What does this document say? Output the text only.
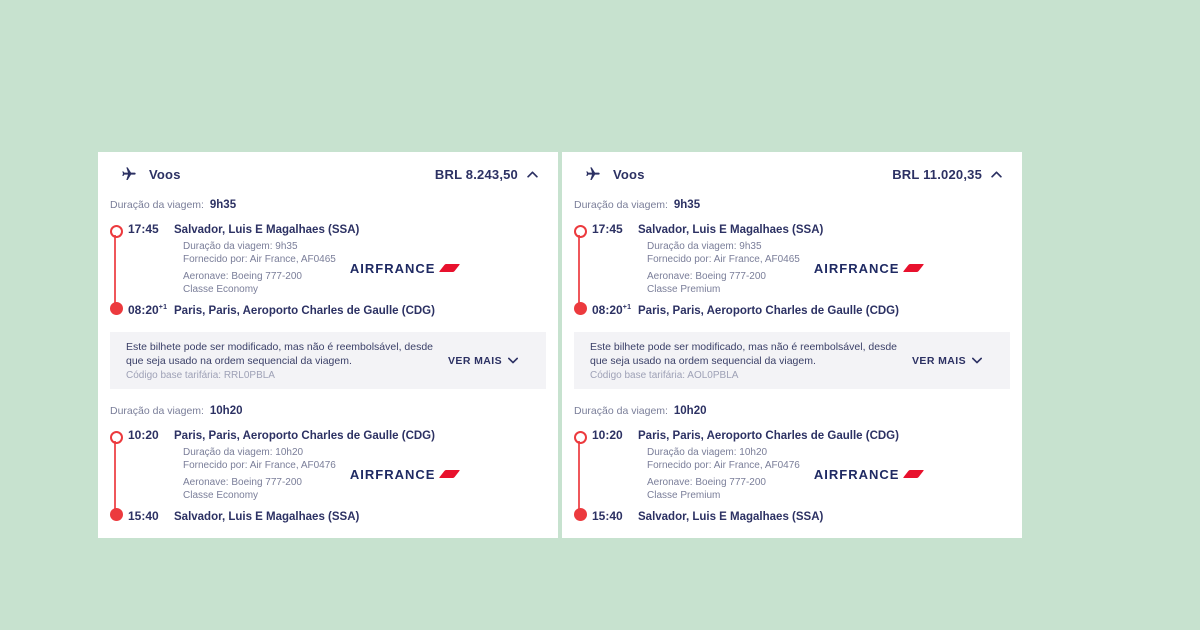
Voos	BRL 8.243,50
Duração da viagem: 9h35
17:45	Salvador, Luis E Magalhaes (SSA)
Duração da viagem: 9h35
Fornecido por: Air France, AF0465
Aeronave: Boeing 777-200
Classe Economy
AIRFRANCE
$08:20^{+1}$ Paris, Paris, Aeroporto Charles de Gaulle (CDG)
Este bilhete pode ser modificado, mas não é reembolsável, desde que seja usado na ordem sequencial da viagem.
Código base tarifária: RRL0PBLA
VER MAIS
Duração da viagem: 10h20
10:20	Paris, Paris, Aeroporto Charles de Gaulle (CDG)
Duração da viagem: 10h20
Fornecido por: Air France, AF0476
Aeronave: Boeing 777-200
Classe Economy
AIRFRANCE
15:40	Salvador, Luis E Magalhaes (SSA)
Voos	BRL 11.020,35
Duração da viagem: 9h35
17:45	Salvador, Luis E Magalhaes (SSA)
Duração da viagem: 9h35
Fornecido por: Air France, AF0465
Aeronave: Boeing 777-200
Classe Premium
AIRFRANCE
$08:20^{+1}$ Paris, Paris, Aeroporto Charles de Gaulle (CDG)
Este bilhete pode ser modificado, mas não é reembolsável, desde que seja usado na ordem sequencial da viagem.
Código base tarifária: AOL0PBLA
VER MAIS
Duração da viagem: 10h20
10:20	Paris, Paris, Aeroporto Charles de Gaulle (CDG)
Duração da viagem: 10h20
Fornecido por: Air France, AF0476
Aeronave: Boeing 777-200
Classe Premium
AIRFRANCE
15:40	Salvador, Luis E Magalhaes (SSA)
